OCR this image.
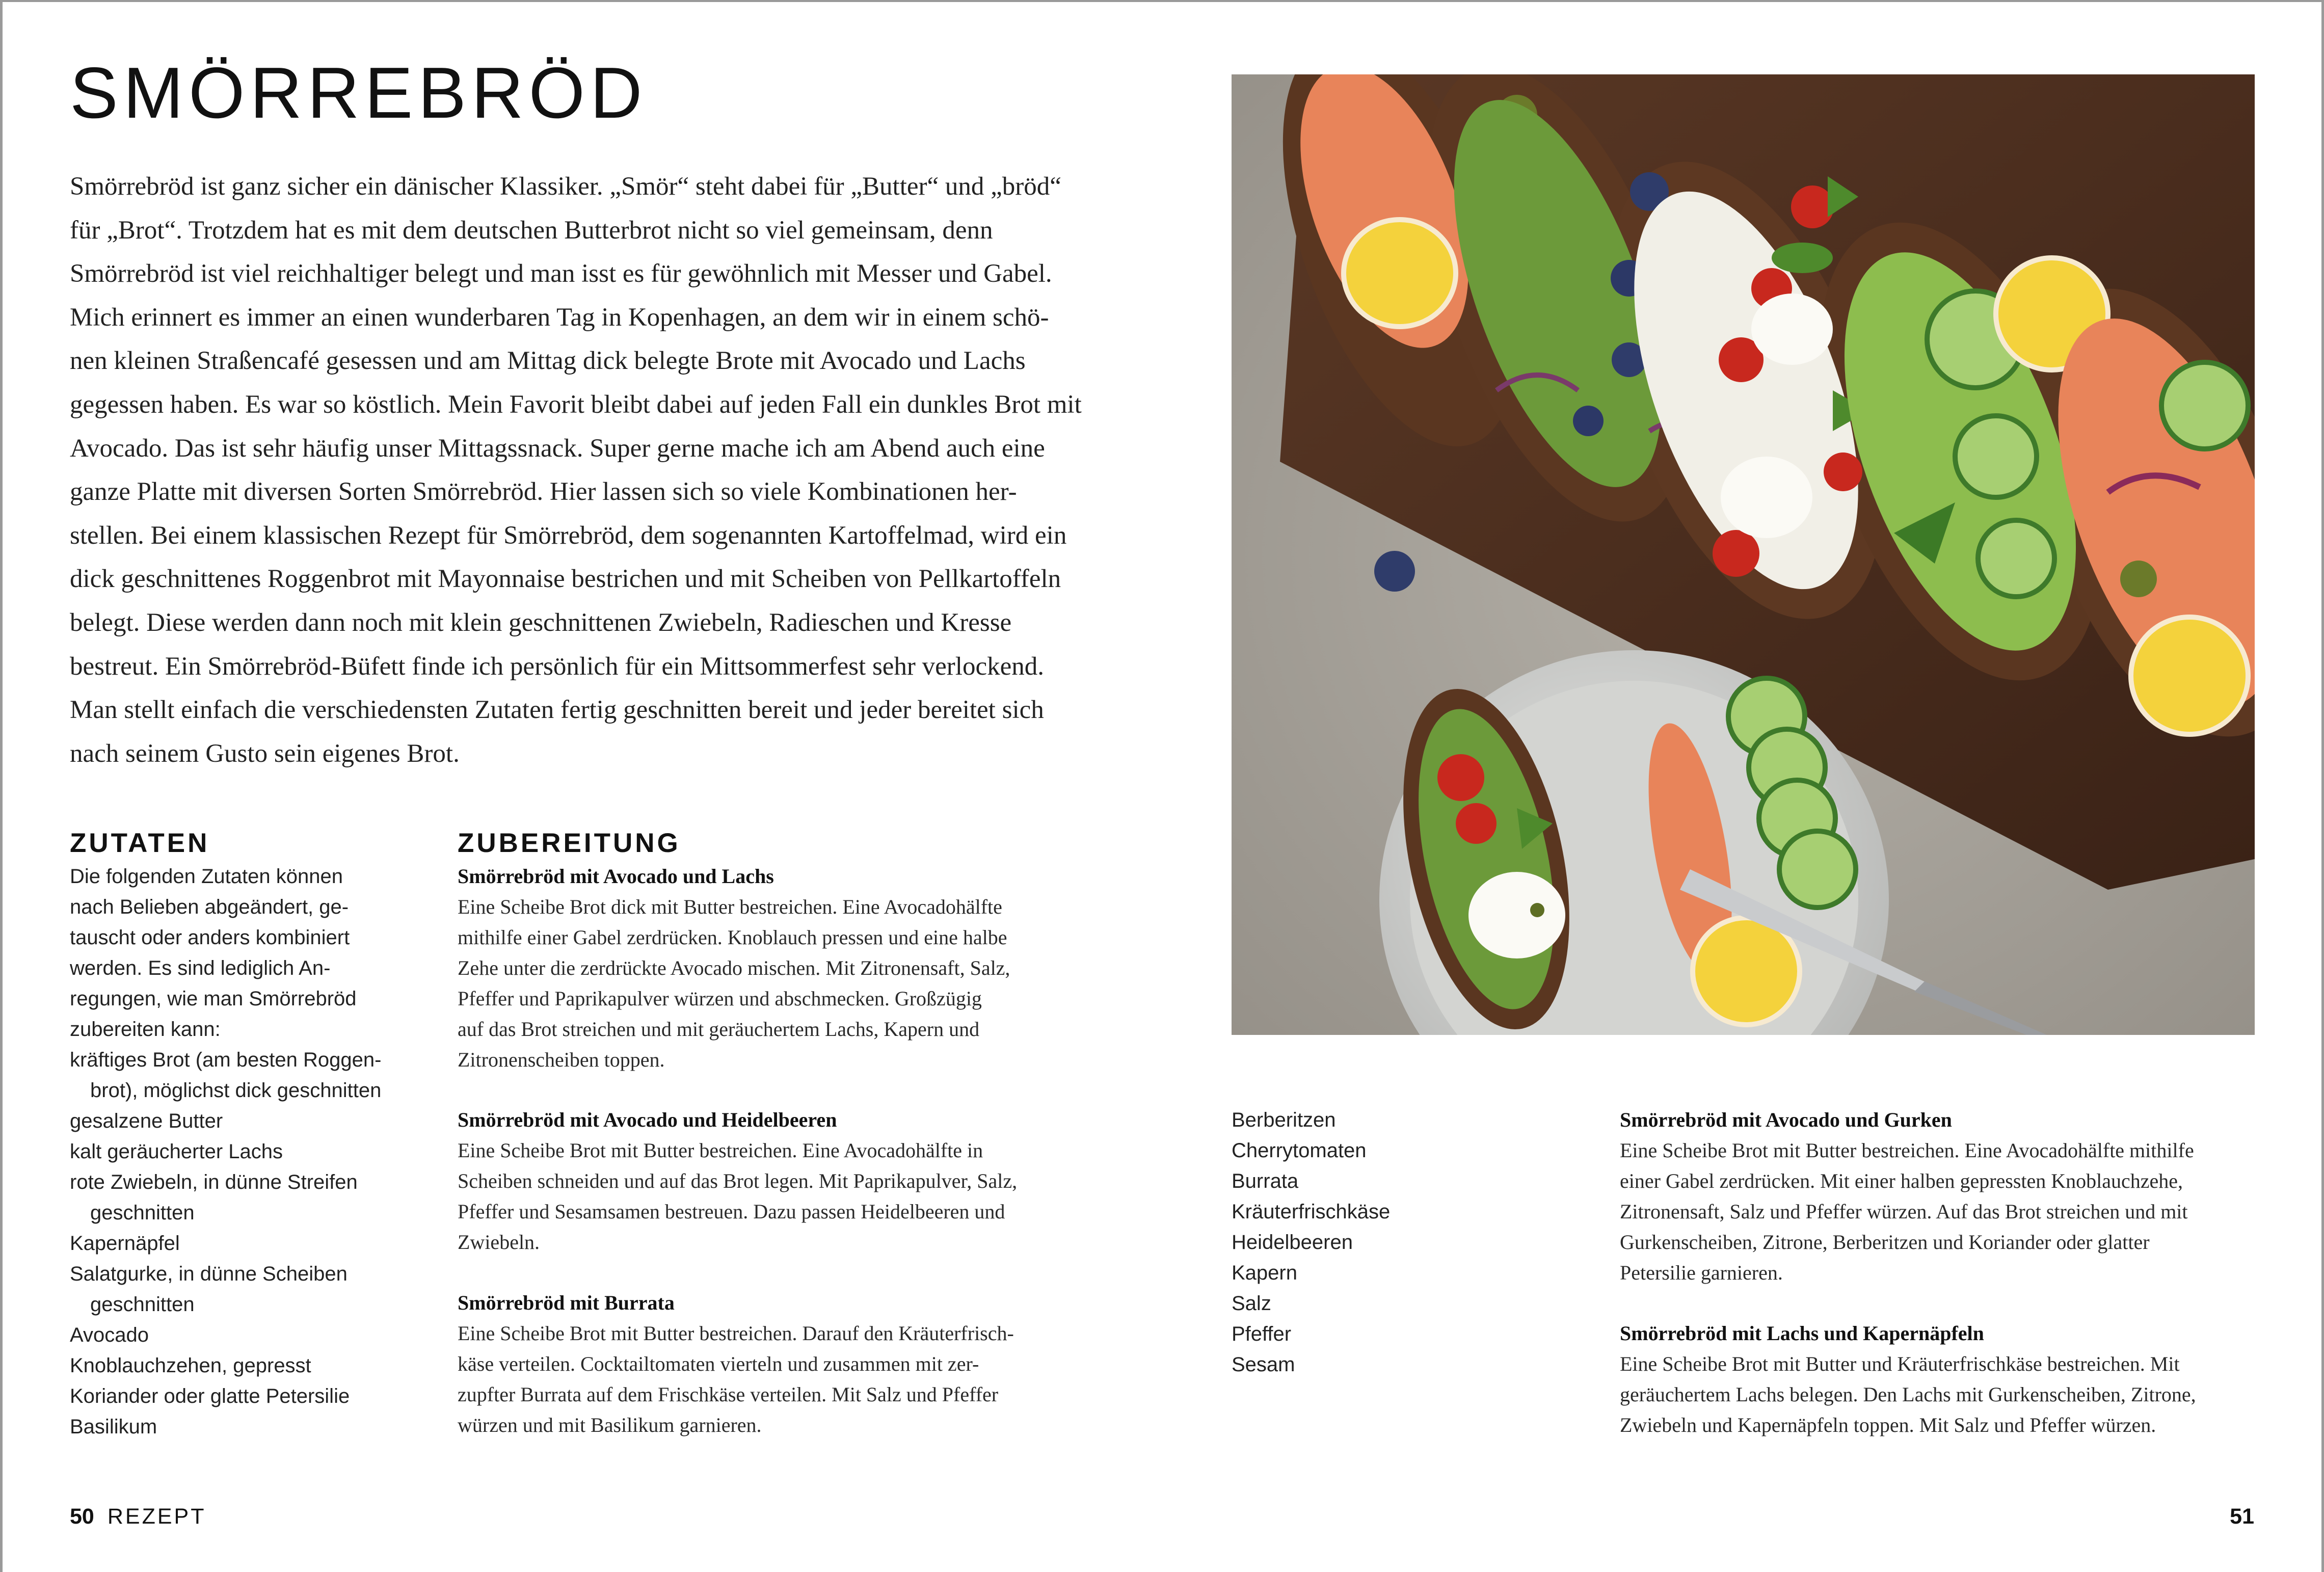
SMÖRREBRÖD

Smörrebröd ist ganz sicher ein dänischer Klassiker. „Smör“ steht dabei für „Butter“ und „bröd“
für „Brot“. Trotzdem hat es mit dem deutschen Butterbrot nicht so viel gemeinsam, denn
Smörrebröd ist viel reichhaltiger belegt und man isst es für gewöhnlich mit Messer und Gabel.
Mich erinnert es immer an einen wunderbaren Tag in Kopenhagen, an dem wir in einem schö-
nen kleinen Straßencafé gesessen und am Mittag dick belegte Brote mit Avocado und Lachs
gegessen haben. Es war so köstlich. Mein Favorit bleibt dabei auf jeden Fall ein dunkles Brot mit
Avocado. Das ist sehr häufig unser Mittagssnack. Super gerne mache ich am Abend auch eine
ganze Platte mit diversen Sorten Smörrebröd. Hier lassen sich so viele Kombinationen her-
stellen. Bei einem klassischen Rezept für Smörrebröd, dem sogenannten Kartoffelmad, wird ein
dick geschnittenes Roggenbrot mit Mayonnaise bestrichen und mit Scheiben von Pellkartoffeln
belegt. Diese werden dann noch mit klein geschnittenen Zwiebeln, Radieschen und Kresse
bestreut. Ein Smörrebröd-Büfett finde ich persönlich für ein Mittsommerfest sehr verlockend.
Man stellt einfach die verschiedensten Zutaten fertig geschnitten bereit und jeder bereitet sich
nach seinem Gusto sein eigenes Brot.

ZUTATEN
Die folgenden Zutaten können
nach Belieben abgeändert, ge-
tauscht oder anders kombiniert
werden. Es sind lediglich An-
regungen, wie man Smörrebröd
zubereiten kann:
kräftiges Brot (am besten Roggen-
brot), möglichst dick geschnitten
gesalzene Butter
kalt geräucherter Lachs
rote Zwiebeln, in dünne Streifen
geschnitten
Kapernäpfel
Salatgurke, in dünne Scheiben
geschnitten
Avocado
Knoblauchzehen, gepresst
Koriander oder glatte Petersilie
Basilikum
ZUBEREITUNG
Smörrebröd mit Avocado und Lachs
Eine Scheibe Brot dick mit Butter bestreichen. Eine Avocadohälfte
mithilfe einer Gabel zerdrücken. Knoblauch pressen und eine halbe
Zehe unter die zerdrückte Avocado mischen. Mit Zitronensaft, Salz,
Pfeffer und Paprikapulver würzen und abschmecken. Großzügig
auf das Brot streichen und mit geräuchertem Lachs, Kapern und
Zitronenscheiben toppen.
Smörrebröd mit Avocado und Heidelbeeren
Eine Scheibe Brot mit Butter bestreichen. Eine Avocadohälfte in
Scheiben schneiden und auf das Brot legen. Mit Paprikapulver, Salz,
Pfeffer und Sesamsamen bestreuen. Dazu passen Heidelbeeren und
Zwiebeln.
Smörrebröd mit Burrata
Eine Scheibe Brot mit Butter bestreichen. Darauf den Kräuterfrisch-
käse verteilen. Cocktailtomaten vierteln und zusammen mit zer-
zupfter Burrata auf dem Frischkäse verteilen. Mit Salz und Pfeffer
würzen und mit Basilikum garnieren.
Berberitzen
Cherrytomaten
Burrata
Kräuterfrischkäse
Heidelbeeren
Kapern
Salz
Pfeffer
Sesam
Smörrebröd mit Avocado und Gurken
Eine Scheibe Brot mit Butter bestreichen. Eine Avocadohälfte mithilfe
einer Gabel zerdrücken. Mit einer halben gepressten Knoblauchzehe,
Zitronensaft, Salz und Pfeffer würzen. Auf das Brot streichen und mit
Gurkenscheiben, Zitrone, Berberitzen und Koriander oder glatter
Petersilie garnieren.
Smörrebröd mit Lachs und Kapernäpfeln
Eine Scheibe Brot mit Butter und Kräuterfrischkäse bestreichen. Mit
geräuchertem Lachs belegen. Den Lachs mit Gurkenscheiben, Zitrone,
Zwiebeln und Kapernäpfeln toppen. Mit Salz und Pfeffer würzen.
50 REZEPT	51
